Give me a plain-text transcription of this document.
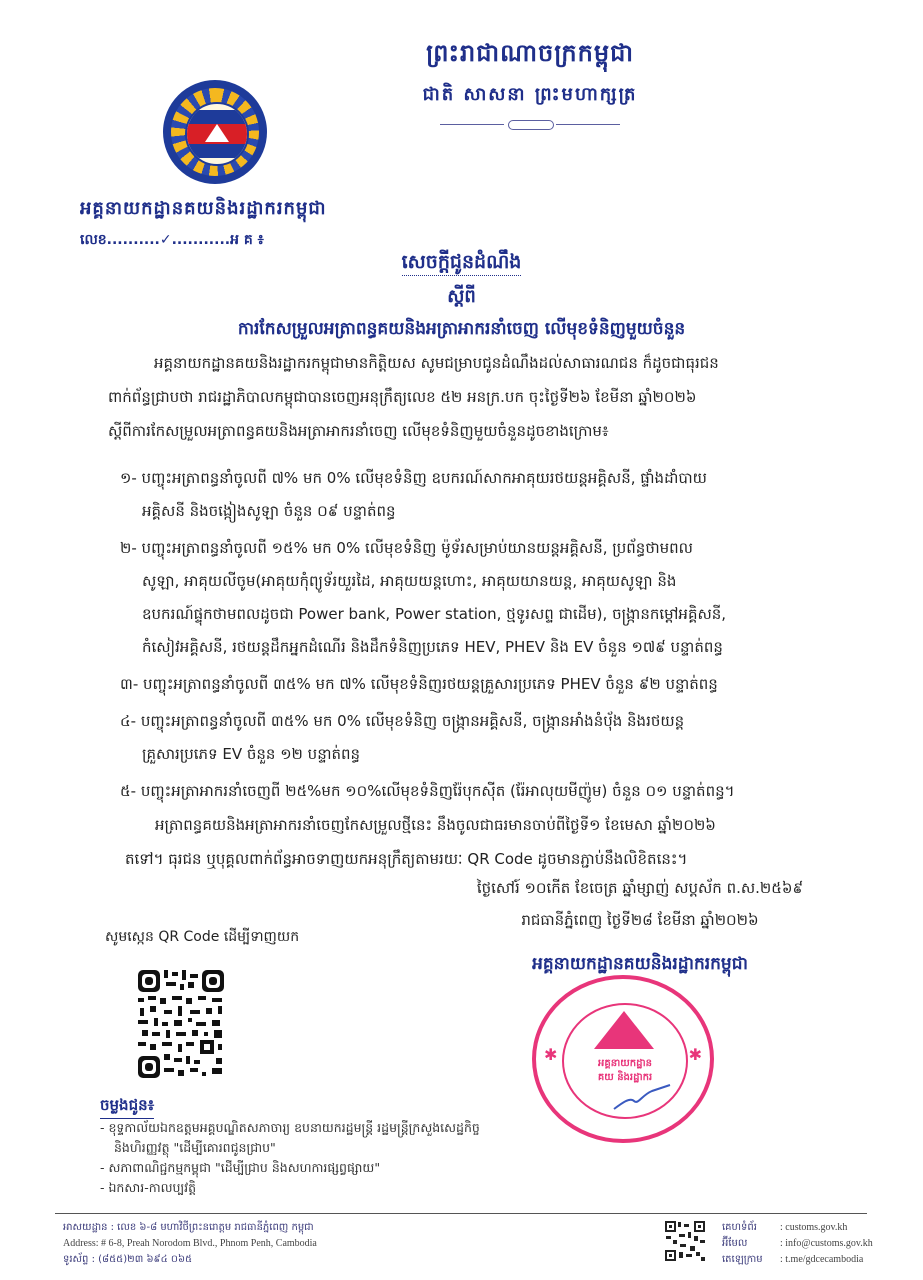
ព្រះរាជាណាចក្រកម្ពុជា
ជាតិ សាសនា ព្រះមហាក្សត្រ
អគ្គនាយកដ្ឋានគយនិងរដ្ឋាករកម្ពុជា
លេខ..........✓...........អ គ ៖
សេចក្តីជូនដំណឹង
ស្តីពី
ការកែសម្រួលអត្រាពន្ធគយនិងអត្រាអាករនាំចេញ លើមុខទំនិញមួយចំនួន
អគ្គនាយកដ្ឋានគយនិងរដ្ឋាករកម្ពុជាមានកិត្តិយស សូមជម្រាបជូនដំណឹងដល់សាធារណជន ក៏ដូចជាធុរជន
ពាក់ព័ន្ធជ្រាបថា រាជរដ្ឋាភិបាលកម្ពុជាបានចេញអនុក្រឹត្យលេខ ៥២ អនក្រ.បក ចុះថ្ងៃទី២៦ ខែមីនា ឆ្នាំ២០២៦
ស្តីពីការកែសម្រួលអត្រាពន្ធគយនិងអត្រាអាករនាំចេញ លើមុខទំនិញមួយចំនួនដូចខាងក្រោម៖
១- បញ្ចុះអត្រាពន្ធនាំចូលពី ៧% មក 0% លើមុខទំនិញ ឧបករណ៍សាកអាគុយរថយន្តអគ្គិសនី, ផ្ទាំងដាំបាយ
អគ្គិសនី និងចង្កៀងសូឡា ចំនួន ០៩ បន្ទាត់ពន្ធ
២- បញ្ចុះអត្រាពន្ធនាំចូលពី ១៥% មក 0% លើមុខទំនិញ ម៉ូទ័រសម្រាប់យានយន្តអគ្គិសនី, ប្រព័ន្ធថាមពល
សូឡា, អាគុយលីចូម(អាគុយកុំព្យូទ័រយួរដៃ, អាគុយយន្តហោះ, អាគុយយានយន្ត, អាគុយសូឡា និង
ឧបករណ៍ផ្ទុកថាមពលដូចជា Power bank, Power station, ថ្មទូរសព្ទ ជាដើម), ចង្ក្រានកម្តៅអគ្គិសនី,
កំសៀវអគ្គិសនី, រថយន្តដឹកអ្នកដំណើរ និងដឹកទំនិញប្រភេទ HEV, PHEV និង EV ចំនួន ១៧៩ បន្ទាត់ពន្ធ
៣- បញ្ចុះអត្រាពន្ធនាំចូលពី ៣៥% មក ៧% លើមុខទំនិញរថយន្តគ្រួសារប្រភេទ PHEV ចំនួន ៩២ បន្ទាត់ពន្ធ
៤- បញ្ចុះអត្រាពន្ធនាំចូលពី ៣៥% មក 0% លើមុខទំនិញ ចង្ក្រានអគ្គិសនី, ចង្ក្រានអាំងនំប៉័ង និងរថយន្ត
គ្រួសារប្រភេទ EV ចំនួន ១២ បន្ទាត់ពន្ធ
៥- បញ្ចុះអត្រាអាករនាំចេញពី ២៥%មក ១០%លើមុខទំនិញរ៉ែបុកស៊ីត (រ៉ែអាលុយមីញ៉ូម) ចំនួន ០១ បន្ទាត់ពន្ធ។
អត្រាពន្ធគយនិងអត្រាអាករនាំចេញកែសម្រួលថ្មីនេះ នឹងចូលជាធរមានចាប់ពីថ្ងៃទី១ ខែមេសា ឆ្នាំ២០២៦
តទៅ។ ធុរជន ឬបុគ្គលពាក់ព័ន្ធអាចទាញយកអនុក្រឹត្យតាមរយៈ QR Code ដូចមានភ្ជាប់នឹងលិខិតនេះ។
ថ្ងៃសៅរ៍ ១០កើត ខែចេត្រ ឆ្នាំម្សាញ់ សប្តស័ក ព.ស.២៥៦៩
រាជធានីភ្នំពេញ ថ្ងៃទី២៨ ខែមីនា ឆ្នាំ២០២៦
អគ្គនាយកដ្ឋានគយនិងរដ្ឋាករកម្ពុជា
✱	✱
អគ្គនាយកដ្ឋាន
គយ និងរដ្ឋាករ
សូមស្កេន QR Code ដើម្បីទាញយក
ចម្លងជូន៖
- ខុទ្ទកាល័យឯកឧត្តមអគ្គបណ្ឌិតសភាចារ្យ ឧបនាយករដ្ឋមន្ត្រី រដ្ឋមន្ត្រីក្រសួងសេដ្ឋកិច្ចនិងហិរញ្ញវត្ថុ "ដើម្បីគោរពជូនជ្រាប"
- សភាពាណិជ្ជកម្មកម្ពុជា "ដើម្បីជ្រាប និងសហការផ្សព្វផ្សាយ"
- ឯកសារ-កាលប្បវត្តិ
អាសយដ្ឋាន : លេខ ៦-៨ មហាវិថីព្រះនរោត្តម រាជធានីភ្នំពេញ កម្ពុជា
Address: # 6-8, Preah Norodom Blvd., Phnom Penh, Cambodia
ទូរស័ព្ទ : (៨៥៥)២៣ ៦៩៤ ០៦៥
គេហទំព័រ	: customs.gov.kh
អ៊ីមែល	: info@customs.gov.kh
តេឡេក្រាម	: t.me/gdcecambodia
